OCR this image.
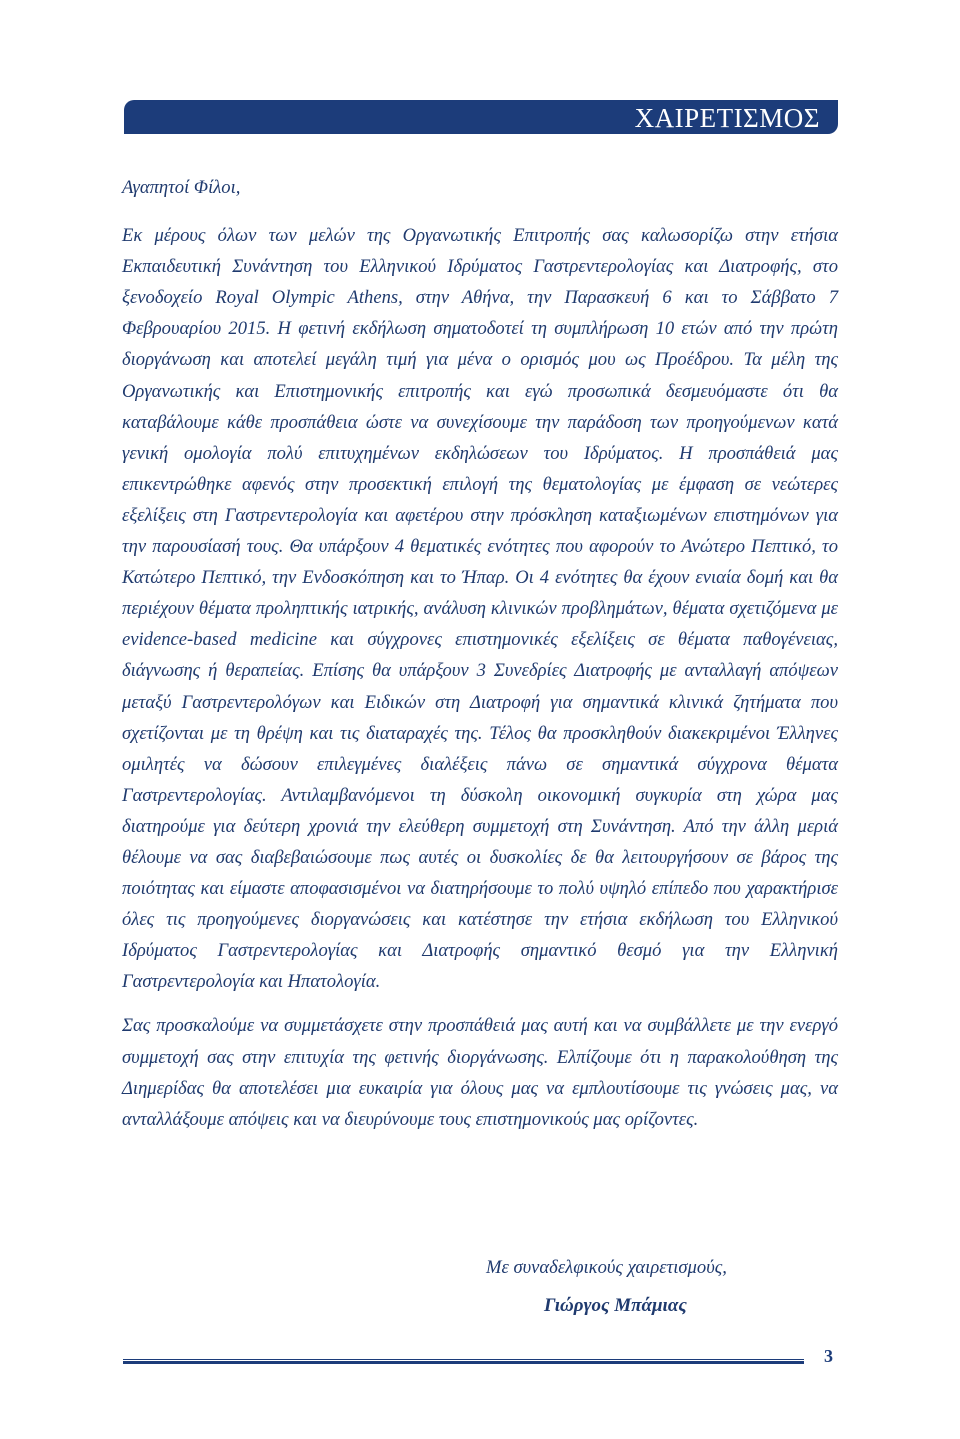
ΧΑΙΡΕΤΙΣΜΟΣ

Αγαπητοί Φίλοι,

Εκ μέρους όλων των μελών της Οργανωτικής Επιτροπής σας καλωσορίζω στην ετήσια Εκπαιδευτική Συνάντηση του Ελληνικού Ιδρύματος Γαστρεντερολογίας και Διατροφής, στο ξενοδοχείο Royal Olympic Athens, στην Αθήνα, την Παρασκευή 6 και το Σάββατο 7 Φεβρουαρίου 2015. Η φετινή εκδήλωση σηματοδοτεί τη συμπλήρωση 10 ετών από την πρώτη διοργάνωση και αποτελεί μεγάλη τιμή για μένα ο ορισμός μου ως Προέδρου. Τα μέλη της Οργανωτικής και Επιστημονικής επιτροπής και εγώ προσωπικά δεσμευόμαστε ότι θα καταβάλουμε κάθε προσπάθεια ώστε να συνεχίσουμε την παράδοση των προηγούμενων κατά γενική ομολογία πολύ επιτυχημένων εκδηλώσεων του Ιδρύματος. Η προσπάθειά μας επικεντρώθηκε αφενός στην προσεκτική επιλογή της θεματολογίας με έμφαση σε νεώτερες εξελίξεις στη Γαστρεντερολογία και αφετέρου στην πρόσκληση καταξιωμένων επιστημόνων για την παρουσίασή τους. Θα υπάρξουν 4 θεματικές ενότητες που αφορούν το Ανώτερο Πεπτικό, το Κατώτερο Πεπτικό, την Ενδοσκόπηση και το Ήπαρ. Οι 4 ενότητες θα έχουν ενιαία δομή και θα περιέχουν θέματα προληπτικής ιατρικής, ανάλυση κλινικών προβλημάτων, θέματα σχετιζόμενα με evidence-based medicine και σύγχρονες επιστημονικές εξελίξεις σε θέματα παθογένειας, διάγνωσης ή θεραπείας. Επίσης θα υπάρξουν 3 Συνεδρίες Διατροφής με ανταλλαγή απόψεων μεταξύ Γαστρεντερολόγων και Ειδικών στη Διατροφή για σημαντικά κλινικά ζητήματα που σχετίζονται με τη θρέψη και τις διαταραχές της. Τέλος θα προσκληθούν διακεκριμένοι Έλληνες ομιλητές να δώσουν επιλεγμένες διαλέξεις πάνω σε σημαντικά σύγχρονα θέματα Γαστρεντερολογίας. Αντιλαμβανόμενοι τη δύσκολη οικονομική συγκυρία στη χώρα μας διατηρούμε για δεύτερη χρονιά την ελεύθερη συμμετοχή στη Συνάντηση. Από την άλλη μεριά θέλουμε να σας διαβεβαιώσουμε πως αυτές οι δυσκολίες δε θα λειτουργήσουν σε βάρος της ποιότητας και είμαστε αποφασισμένοι να διατηρήσουμε το πολύ υψηλό επίπεδο που χαρακτήρισε όλες τις προηγούμενες διοργανώσεις και κατέστησε την ετήσια εκδήλωση του Ελληνικού Ιδρύματος Γαστρεντερολογίας και Διατροφής σημαντικό θεσμό για την Ελληνική Γαστρεντερολογία και Ηπατολογία.

Σας προσκαλούμε να συμμετάσχετε στην προσπάθειά μας αυτή και να συμβάλλετε με την ενεργό συμμετοχή σας στην επιτυχία της φετινής διοργάνωσης. Ελπίζουμε ότι η παρακολούθηση της Διημερίδας θα αποτελέσει μια ευκαιρία για όλους μας να εμπλουτίσουμε τις γνώσεις μας, να ανταλλάξουμε απόψεις και να διευρύνουμε τους επιστημονικούς μας ορίζοντες.

Με συναδελφικούς χαιρετισμούς,
Γιώργος Μπάμιας
3
